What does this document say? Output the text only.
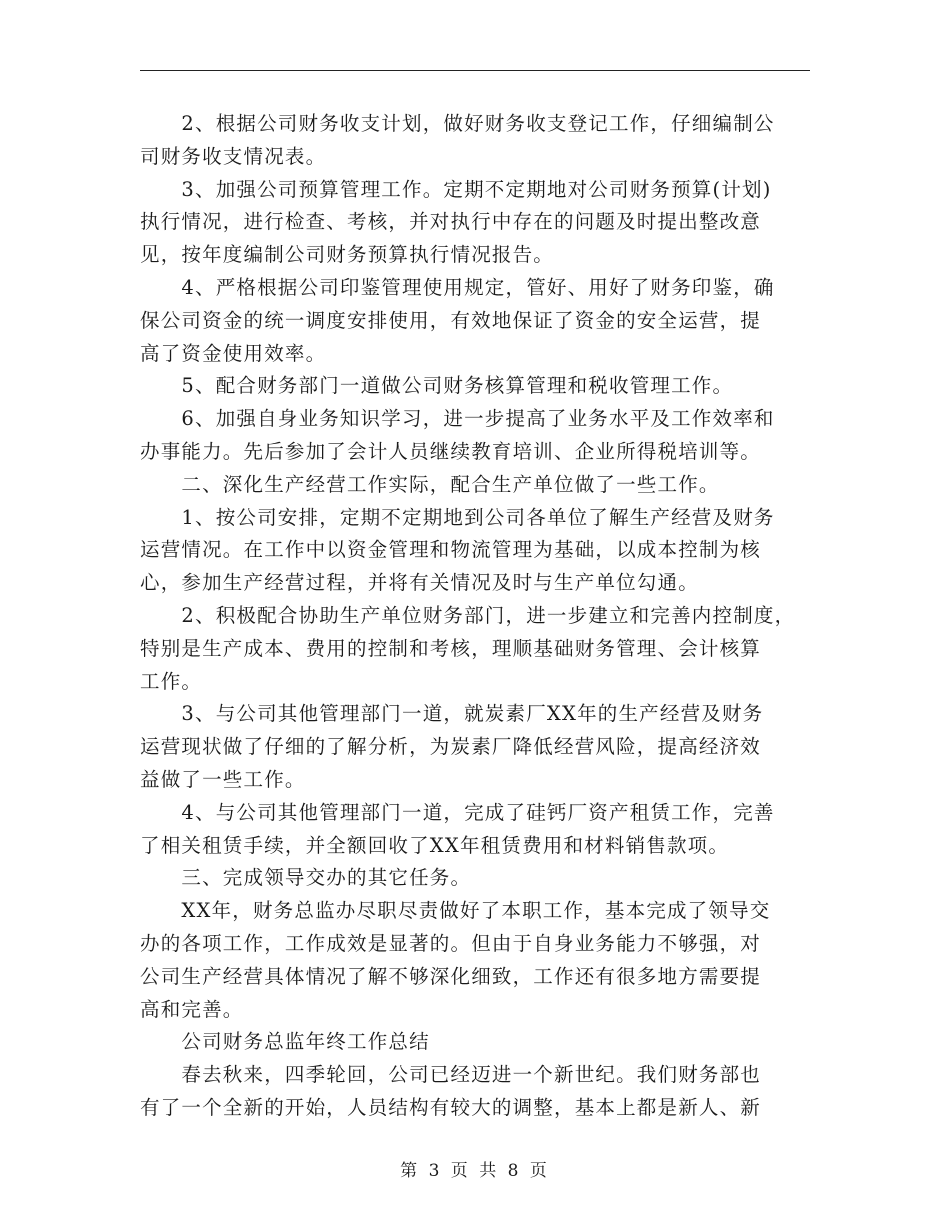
　　2、根据公司财务收支计划，做好财务收支登记工作，仔细编制公
司财务收支情况表。
　　3、加强公司预算管理工作。定期不定期地对公司财务预算(计划)
执行情况，进行检查、考核，并对执行中存在的问题及时提出整改意
见，按年度编制公司财务预算执行情况报告。
　　4、严格根据公司印鉴管理使用规定，管好、用好了财务印鉴，确
保公司资金的统一调度安排使用，有效地保证了资金的安全运营，提
高了资金使用效率。
　　5、配合财务部门一道做公司财务核算管理和税收管理工作。
　　6、加强自身业务知识学习，进一步提高了业务水平及工作效率和
办事能力。先后参加了会计人员继续教育培训、企业所得税培训等。
　　二、深化生产经营工作实际，配合生产单位做了一些工作。
　　1、按公司安排，定期不定期地到公司各单位了解生产经营及财务
运营情况。在工作中以资金管理和物流管理为基础，以成本控制为核
心，参加生产经营过程，并将有关情况及时与生产单位勾通。
　　2、积极配合协助生产单位财务部门，进一步建立和完善内控制度，
特别是生产成本、费用的控制和考核，理顺基础财务管理、会计核算
工作。
　　3、与公司其他管理部门一道，就炭素厂XX年的生产经营及财务
运营现状做了仔细的了解分析，为炭素厂降低经营风险，提高经济效
益做了一些工作。
　　4、与公司其他管理部门一道，完成了硅钙厂资产租赁工作，完善
了相关租赁手续，并全额回收了XX年租赁费用和材料销售款项。
　　三、完成领导交办的其它任务。
　　XX年，财务总监办尽职尽责做好了本职工作，基本完成了领导交
办的各项工作，工作成效是显著的。但由于自身业务能力不够强，对
公司生产经营具体情况了解不够深化细致，工作还有很多地方需要提
高和完善。
　　公司财务总监年终工作总结
　　春去秋来，四季轮回，公司已经迈进一个新世纪。我们财务部也
有了一个全新的开始，人员结构有较大的调整，基本上都是新人、新
第 3 页 共 8 页
